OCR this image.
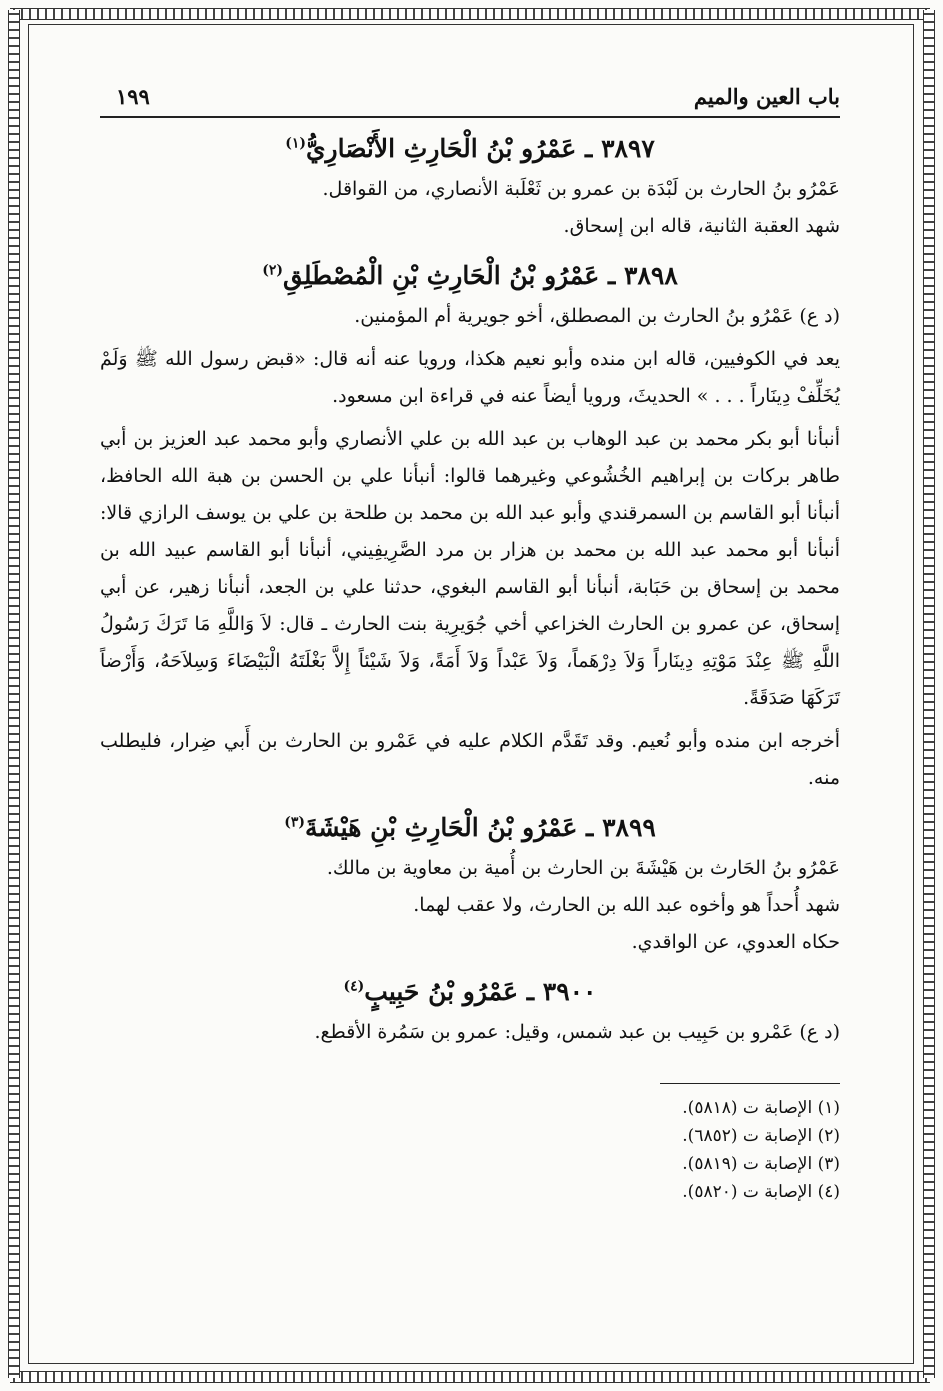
باب العين والميم
١٩٩
٣٨٩٧ ـ عَمْرُو بْنُ الْحَارِثِ الأَنْصَارِيُّ$^{(١)}$

عَمْرُو بنُ الحارث بن لَبْدَة بن عمرو بن ثَعْلَبة الأنصاري، من القواقل.

شهد العقبة الثانية، قاله ابن إسحاق.

٣٨٩٨ ـ عَمْرُو بْنُ الْحَارِثِ بْنِ الْمُصْطَلِقِ$^{(٢)}$

(د ع) عَمْرُو بنُ الحارث بن المصطلق، أخو جويرية أم المؤمنين.

يعد في الكوفيين، قاله ابن منده وأبو نعيم هكذا، ورويا عنه أنه قال: «قبض رسول الله ﷺ وَلَمْ يُخَلِّفْ دِينَاراً . . . » الحديثَ، ورويا أيضاً عنه في قراءة ابن مسعود.

أنبأنا أبو بكر محمد بن عبد الوهاب بن عبد الله بن علي الأنصاري وأبو محمد عبد العزيز بن أبي طاهر بركات بن إبراهيم الخُشُوعي وغيرهما قالوا: أنبأنا علي بن الحسن بن هبة الله الحافظ، أنبأنا أبو القاسم بن السمرقندي وأبو عبد الله بن محمد بن طلحة بن علي بن يوسف الرازي قالا: أنبأنا أبو محمد عبد الله بن محمد بن هزار بن مرد الصَّرِيفِيني، أنبأنا أبو القاسم عبيد الله بن محمد بن إسحاق بن حَبَابة، أنبأنا أبو القاسم البغوي، حدثنا علي بن الجعد، أنبأنا زهير، عن أبي إسحاق، عن عمرو بن الحارث الخزاعي أخي جُوَيرِية بنت الحارث ـ قال: لاَ وَاللَّهِ مَا تَرَكَ رَسُولُ اللَّهِ ﷺ عِنْدَ مَوْتِهِ دِينَاراً وَلاَ دِرْهَماً، وَلاَ عَبْداً وَلاَ أَمَةً، وَلاَ شَيْئاً إِلاَّ بَغْلَتَهُ الْبَيْضَاءَ وَسِلاَحَهُ، وَأَرْضاً تَرَكَهَا صَدَقَةً.

أخرجه ابن منده وأبو نُعيم. وقد تَقَدَّم الكلام عليه في عَمْرو بن الحارث بن أَبي ضِرار، فليطلب منه.

٣٨٩٩ ـ عَمْرُو بْنُ الْحَارِثِ بْنِ هَيْشَةَ$^{(٣)}$

عَمْرُو بنُ الحَارث بن هَيْشَةَ بن الحارث بن أُمية بن معاوية بن مالك.

شهد أُحداً هو وأخوه عبد الله بن الحارث، ولا عقب لهما.

حكاه العدوي، عن الواقدي.

٣٩٠٠ ـ عَمْرُو بْنُ حَبِيبٍ$^{(٤)}$

(د ع) عَمْرو بن حَبِيب بن عبد شمس، وقيل: عمرو بن سَمُرة الأقطع.

(١) الإصابة ت (٥٨١٨).
(٢) الإصابة ت (٦٨٥٢).
(٣) الإصابة ت (٥٨١٩).
(٤) الإصابة ت (٥٨٢٠).
